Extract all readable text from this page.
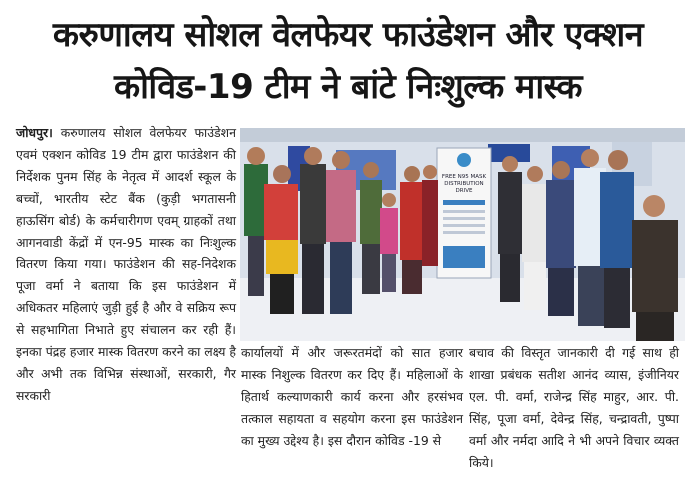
करुणालय सोशल वेलफेयर फाउंडेशन और एक्शन
कोविड-19 टीम ने बांटे निःशुल्क मास्क

जोधपुर। करुणालय सोशल वेलफेयर फाउंडेशन एवमं एक्शन कोविड 19 टीम द्वारा फाउंडेशन की निर्देशक पुनम सिंह के नेतृत्व में आदर्श स्कूल के बच्चों, भारतीय स्टेट बैंक (कुड़ी भगतासनी हाऊसिंग बोर्ड) के कर्मचारीगण एवम् ग्राहकों तथा आगनवाडी केंद्रों में एन-95 मास्क का निःशुल्क वितरण किया गया। फाउंडेशन की सह-निदेशक पूजा वर्मा ने बताया कि इस फाउंडेशन में अधिकतर महिलाएं जुड़ी हुई है और वे सक्रिय रूप से सहभागिता निभाते हुए संचालन कर रही हैं। इनका पंद्रह हजार मास्क वितरण करने का लक्ष्य है और अभी तक विभिन्न संस्थाओं, सरकारी, गैर सरकारी

FREE N95 MASK
DISTRIBUTION
DRIVE

कार्यालयों में और जरूरतमंदों को सात हजार मास्क निशुल्क वितरण कर दिए हैं। महिलाओं के हितार्थ कल्याणकारी कार्य करना और हरसंभव तत्काल सहायता व सहयोग करना इस फाउंडेशन का मुख्य उद्देश्य है। इस दौरान कोविड -19 से

बचाव की विस्तृत जानकारी दी गई साथ ही शाखा प्रबंधक सतीश आनंद व्यास, इंजीनियर एल. पी. वर्मा, राजेन्द्र सिंह माहुर, आर. पी. सिंह, पूजा वर्मा, देवेन्द्र सिंह, चन्द्रावती, पुष्पा वर्मा और नर्मदा आदि ने भी अपने विचार व्यक्त किये।
